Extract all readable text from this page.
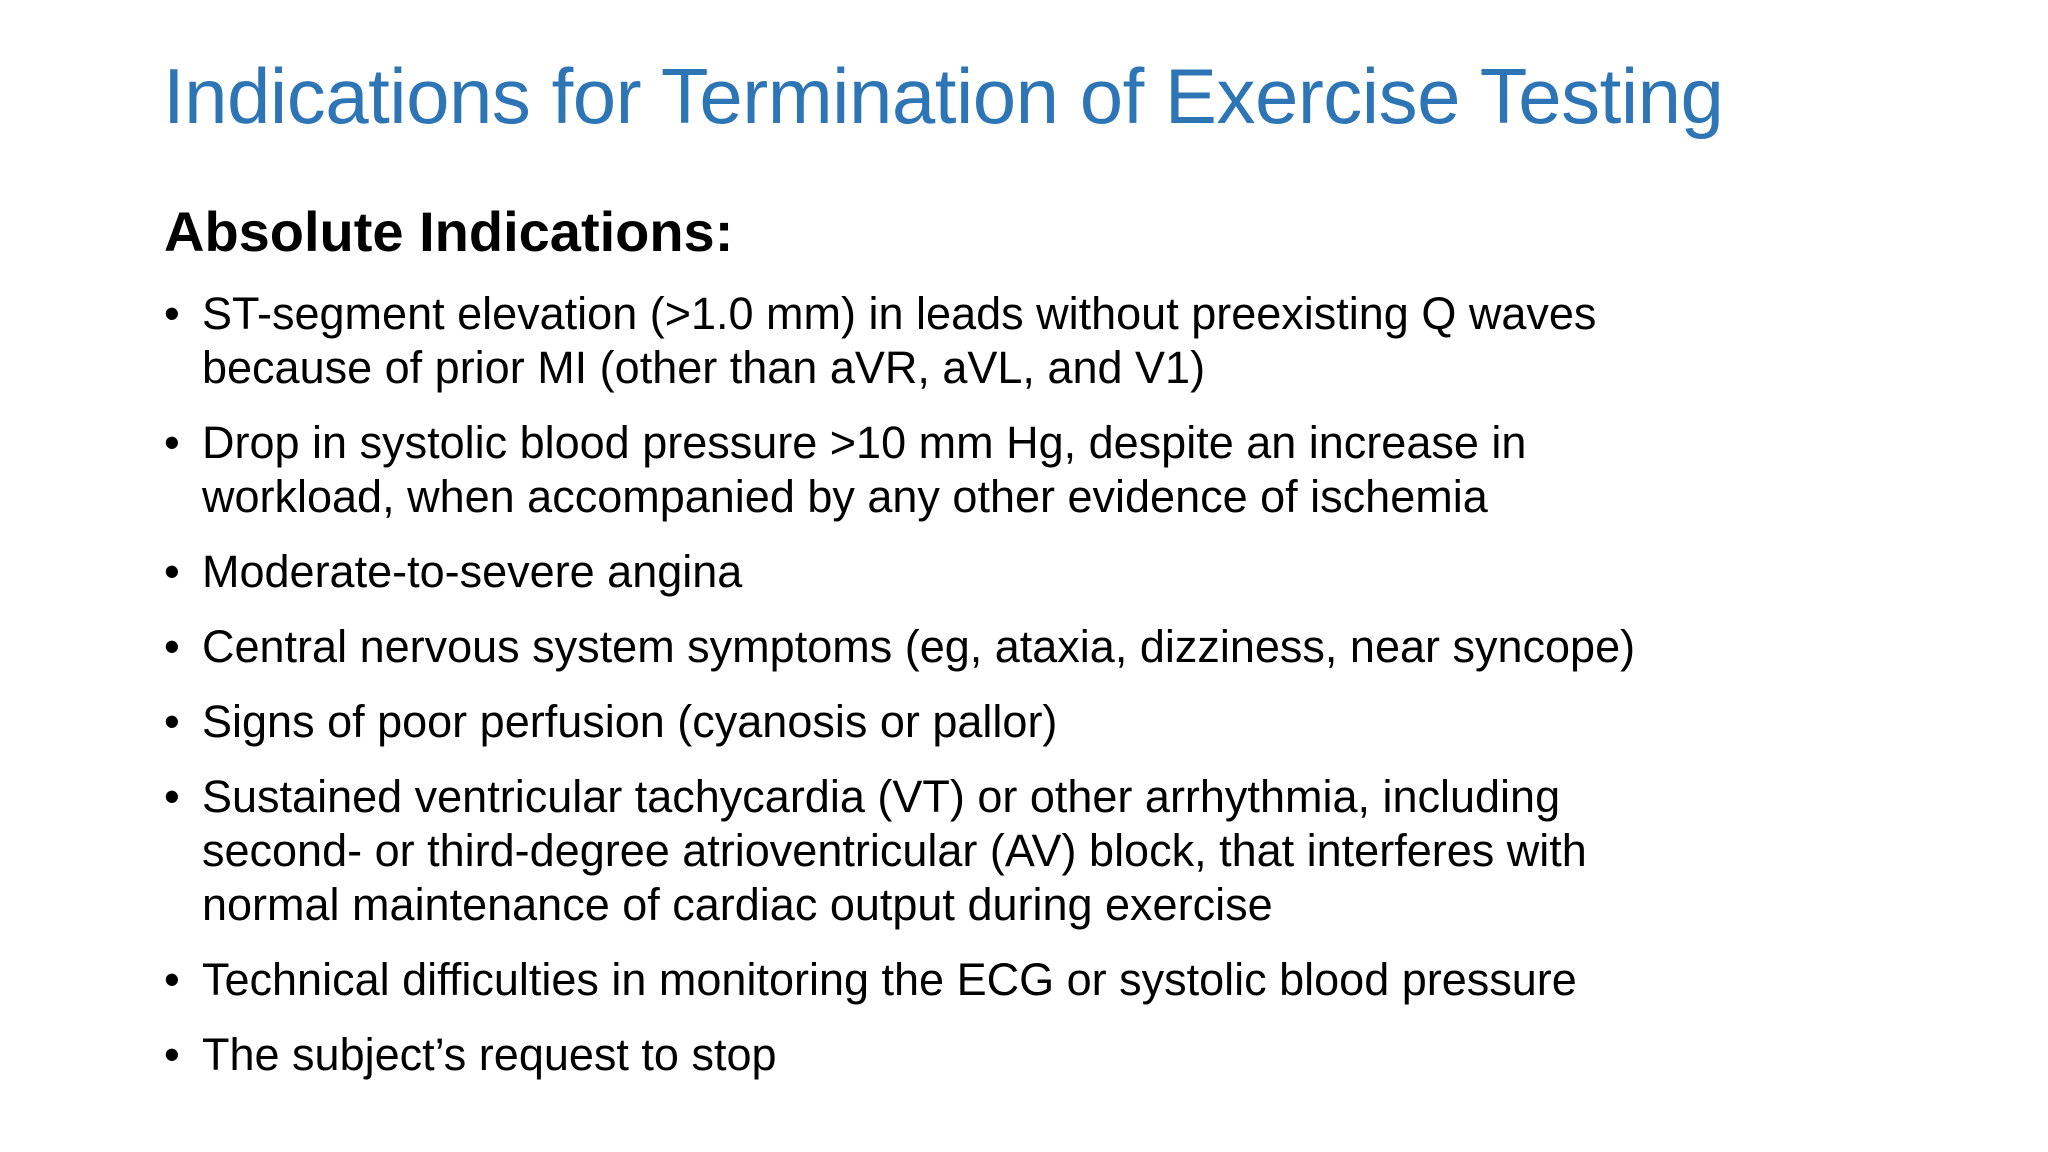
Indications for Termination of Exercise Testing
Absolute Indications:
• ST-segment elevation (>1.0 mm) in leads without preexisting Q waves
because of prior MI (other than aVR, aVL, and V1)
• Drop in systolic blood pressure >10 mm Hg, despite an increase in
workload, when accompanied by any other evidence of ischemia
• Moderate-to-severe angina
• Central nervous system symptoms (eg, ataxia, dizziness, near syncope)
• Signs of poor perfusion (cyanosis or pallor)
• Sustained ventricular tachycardia (VT) or other arrhythmia, including
second- or third-degree atrioventricular (AV) block, that interferes with
normal maintenance of cardiac output during exercise
• Technical difficulties in monitoring the ECG or systolic blood pressure
• The subject’s request to stop
